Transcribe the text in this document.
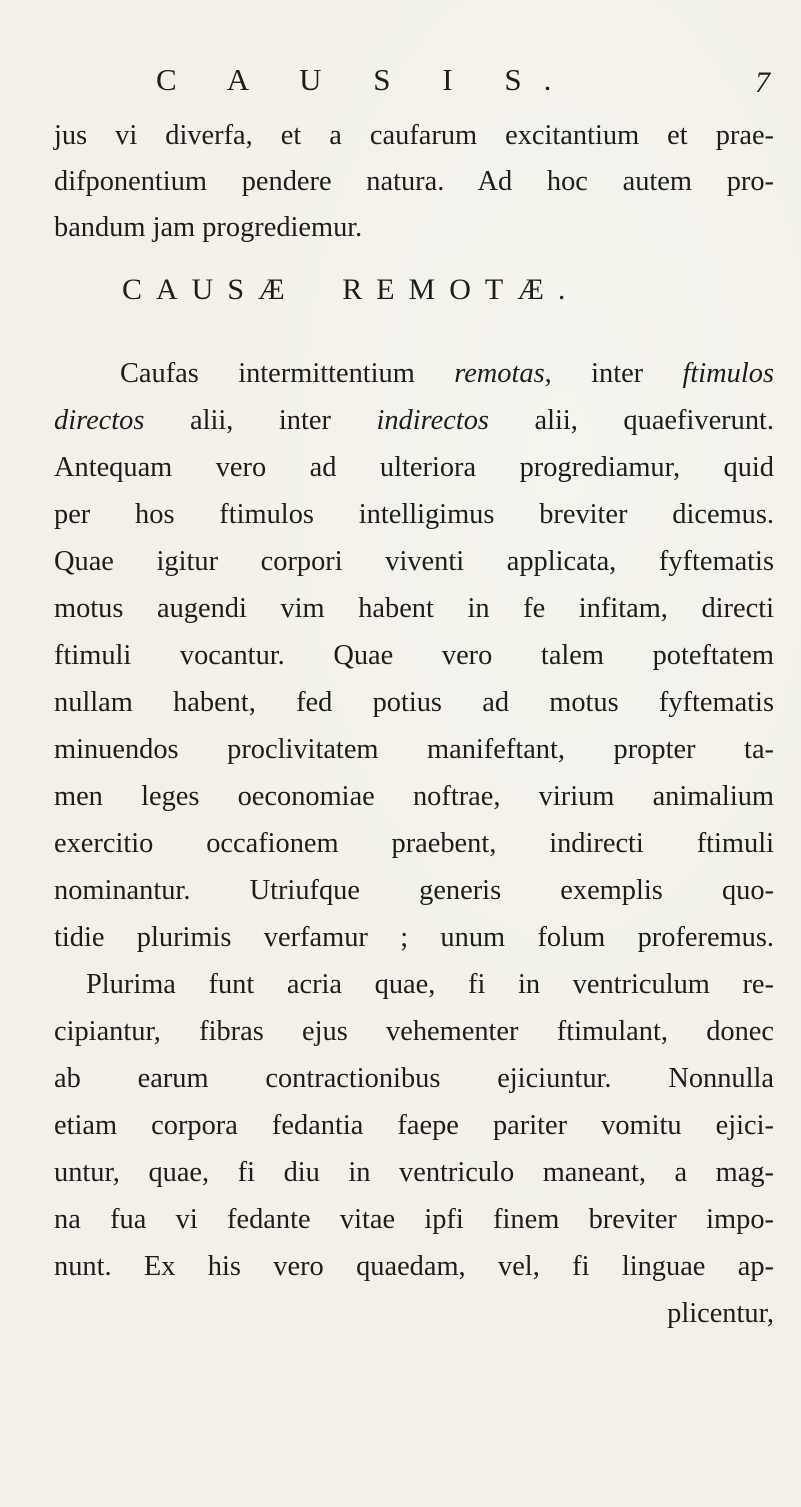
C A U S I S.	7
jus vi diverfa, et a caufarum excitantium et prae-
difponentium pendere natura. Ad hoc autem pro-
bandum jam progrediemur.
CAUSÆ REMOTÆ.
Caufas intermittentium remotas, inter ftimulos
directos alii, inter indirectos alii, quaefiverunt.
Antequam vero ad ulteriora progrediamur, quid
per hos ftimulos intelligimus breviter dicemus.
Quae igitur corpori viventi applicata, fyftematis
motus augendi vim habent in fe infitam, directi
ftimuli vocantur. Quae vero talem poteftatem
nullam habent, fed potius ad motus fyftematis
minuendos proclivitatem manifeftant, propter ta-
men leges oeconomiae noftrae, virium animalium
exercitio occafionem praebent, indirecti ftimuli
nominantur. Utriufque generis exemplis quo-
tidie plurimis verfamur ; unum folum proferemus.
Plurima funt acria quae, fi in ventriculum re-
cipiantur, fibras ejus vehementer ftimulant, donec
ab earum contractionibus ejiciuntur. Nonnulla
etiam corpora fedantia faepe pariter vomitu ejici-
untur, quae, fi diu in ventriculo maneant, a mag-
na fua vi fedante vitae ipfi finem breviter impo-
nunt. Ex his vero quaedam, vel, fi linguae ap-
plicentur,
